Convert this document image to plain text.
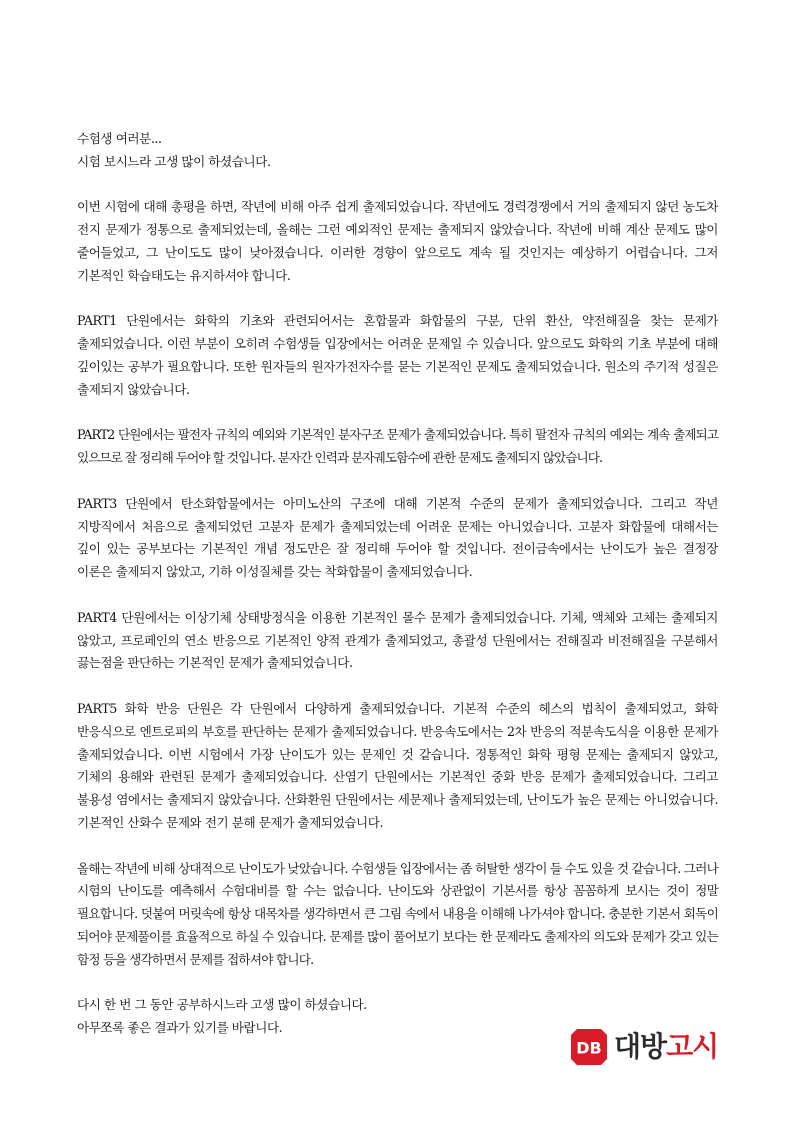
수험생 여러분...

시험 보시느라 고생 많이 하셨습니다.

이번 시험에 대해 총평을 하면, 작년에 비해 아주 쉽게 출제되었습니다. 작년에도 경력경쟁에서 거의 출제되지 않던 농도차 전지 문제가 정통으로 출제되었는데, 올해는 그런 예외적인 문제는 출제되지 않았습니다. 작년에 비해 계산 문제도 많이 줄어들었고, 그 난이도도 많이 낮아졌습니다. 이러한 경향이 앞으로도 계속 될 것인지는 예상하기 어렵습니다. 그저 기본적인 학습태도는 유지하셔야 합니다.

PART1 단원에서는 화학의 기초와 관련되어서는 혼합물과 화합물의 구분, 단위 환산, 약전해질을 찾는 문제가 출제되었습니다. 이런 부분이 오히려 수험생들 입장에서는 어려운 문제일 수 있습니다. 앞으로도 화학의 기초 부분에 대해 깊이있는 공부가 필요합니다. 또한 원자들의 원자가전자수를 묻는 기본적인 문제도 출제되었습니다. 원소의 주기적 성질은 출제되지 않았습니다.

PART2 단원에서는 팔전자 규칙의 예외와 기본적인 분자구조 문제가 출제되었습니다. 특히 팔전자 규칙의 예외는 계속 출제되고 있으므로 잘 정리해 두어야 할 것입니다. 분자간 인력과 분자궤도함수에 관한 문제도 출제되지 않았습니다.

PART3 단원에서 탄소화합물에서는 아미노산의 구조에 대해 기본적 수준의 문제가 출제되었습니다. 그리고 작년 지방직에서 처음으로 출제되었던 고분자 문제가 출제되었는데 어려운 문제는 아니었습니다. 고분자 화합물에 대해서는 깊이 있는 공부보다는 기본적인 개념 정도만은 잘 정리해 두어야 할 것입니다. 전이금속에서는 난이도가 높은 결정장 이론은 출제되지 않았고, 기하 이성질체를 갖는 착화합물이 출제되었습니다.

PART4 단원에서는 이상기체 상태방정식을 이용한 기본적인 몰수 문제가 출제되었습니다. 기체, 액체와 고체는 출제되지 않았고, 프로페인의 연소 반응으로 기본적인 양적 관계가 출제되었고, 총괄성 단원에서는 전해질과 비전해질을 구분해서 끓는점을 판단하는 기본적인 문제가 출제되었습니다.

PART5 화학 반응 단원은 각 단원에서 다양하게 출제되었습니다. 기본적 수준의 헤스의 법칙이 출제되었고, 화학 반응식으로 엔트로피의 부호를 판단하는 문제가 출제되었습니다. 반응속도에서는 2차 반응의 적분속도식을 이용한 문제가 출제되었습니다. 이번 시험에서 가장 난이도가 있는 문제인 것 같습니다. 정통적인 화학 평형 문제는 출제되지 않았고, 기체의 용해와 관련된 문제가 출제되었습니다. 산염기 단원에서는 기본적인 중화 반응 문제가 출제되었습니다. 그리고 불용성 염에서는 출제되지 않았습니다. 산화환원 단원에서는 세문제나 출제되었는데, 난이도가 높은 문제는 아니었습니다. 기본적인 산화수 문제와 전기 분해 문제가 출제되었습니다.

올해는 작년에 비해 상대적으로 난이도가 낮았습니다. 수험생들 입장에서는 좀 허탈한 생각이 들 수도 있을 것 같습니다. 그러나 시험의 난이도를 예측해서 수험대비를 할 수는 없습니다. 난이도와 상관없이 기본서를 항상 꼼꼼하게 보시는 것이 정말 필요합니다. 덧붙여 머릿속에 항상 대목차를 생각하면서 큰 그림 속에서 내용을 이해해 나가셔야 합니다. 충분한 기본서 회독이 되어야 문제풀이를 효율적으로 하실 수 있습니다. 문제를 많이 풀어보기 보다는 한 문제라도 출제자의 의도와 문제가 갖고 있는 함정 등을 생각하면서 문제를 접하셔야 합니다.

다시 한 번 그 동안 공부하시느라 고생 많이 하셨습니다.

아무쪼록 좋은 결과가 있기를 바랍니다.

DB 대방고시
